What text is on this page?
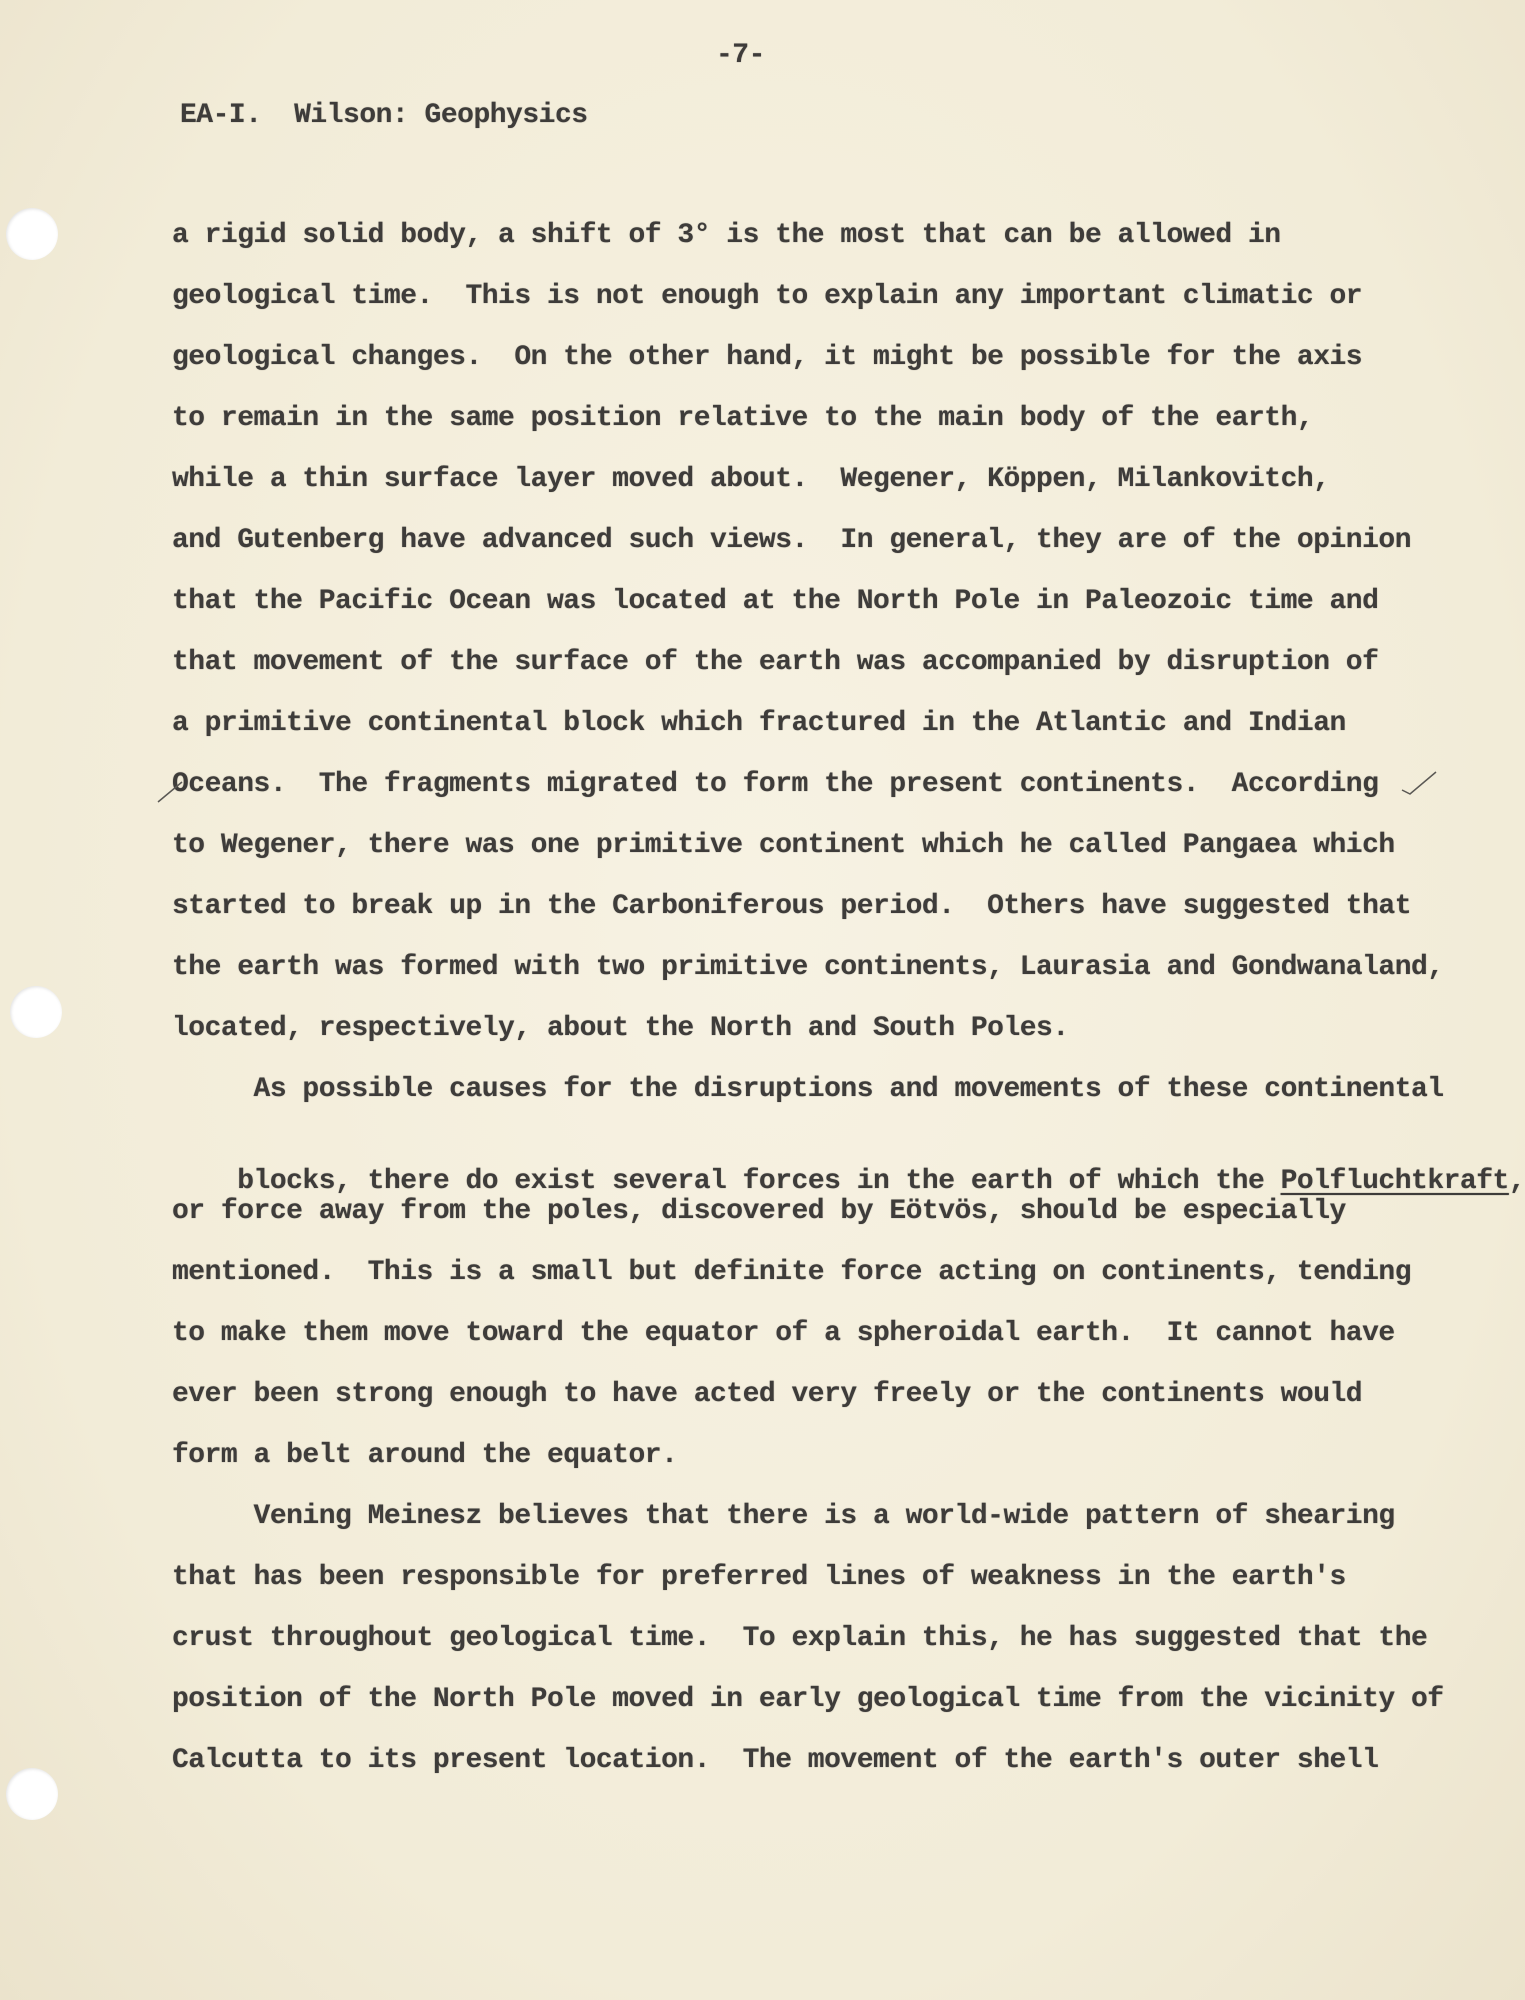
-7-
EA-I.  Wilson: Geophysics
a rigid solid body, a shift of 3° is the most that can be allowed in
geological time.  This is not enough to explain any important climatic or
geological changes.  On the other hand, it might be possible for the axis
to remain in the same position relative to the main body of the earth,
while a thin surface layer moved about.  Wegener, Köppen, Milankovitch,
and Gutenberg have advanced such views.  In general, they are of the opinion
that the Pacific Ocean was located at the North Pole in Paleozoic time and
that movement of the surface of the earth was accompanied by disruption of
a primitive continental block which fractured in the Atlantic and Indian
Oceans.  The fragments migrated to form the present continents.  According
to Wegener, there was one primitive continent which he called Pangaea which
started to break up in the Carboniferous period.  Others have suggested that
the earth was formed with two primitive continents, Laurasia and Gondwanaland,
located, respectively, about the North and South Poles.
As possible causes for the disruptions and movements of these continental

blocks, there do exist several forces in the earth of which the Polfluchtkraft,

or force away from the poles, discovered by Eötvös, should be especially
mentioned.  This is a small but definite force acting on continents, tending
to make them move toward the equator of a spheroidal earth.  It cannot have
ever been strong enough to have acted very freely or the continents would
form a belt around the equator.
Vening Meinesz believes that there is a world-wide pattern of shearing
that has been responsible for preferred lines of weakness in the earth's
crust throughout geological time.  To explain this, he has suggested that the
position of the North Pole moved in early geological time from the vicinity of
Calcutta to its present location.  The movement of the earth's outer shell
